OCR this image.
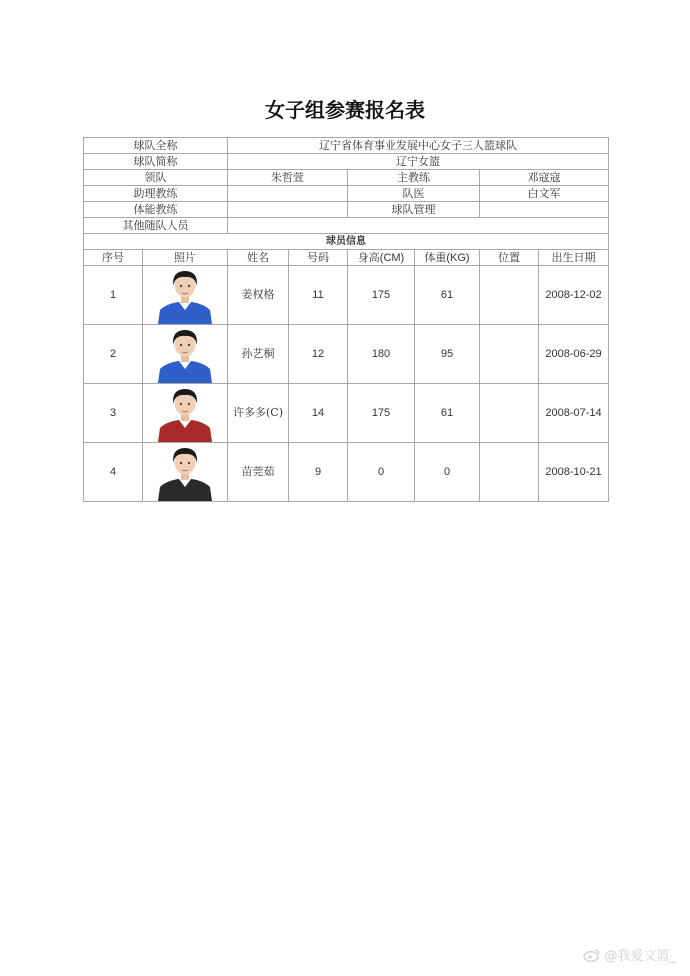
女子组参赛报名表
球队全称		辽宁省体育事业发展中心女子三人篮球队					
球队简称		辽宁女篮					
领队		朱哲萱		主教练		邓寇寇	
助理教练				队医		白文军	
体能教练				球队管理			
其他随队人员							
球员信息							
序号	照片	姓名	号码	身高(CM)	体重(KG)	位置	出生日期
1		姜权格	11	175	61		2008-12-02
2		孙艺桐	12	180	95		2008-06-29
3		许多多(C)	14	175	61		2008-07-14
4		苗莞茹	9	0	0		2008-10-21
@我爱文篮_
